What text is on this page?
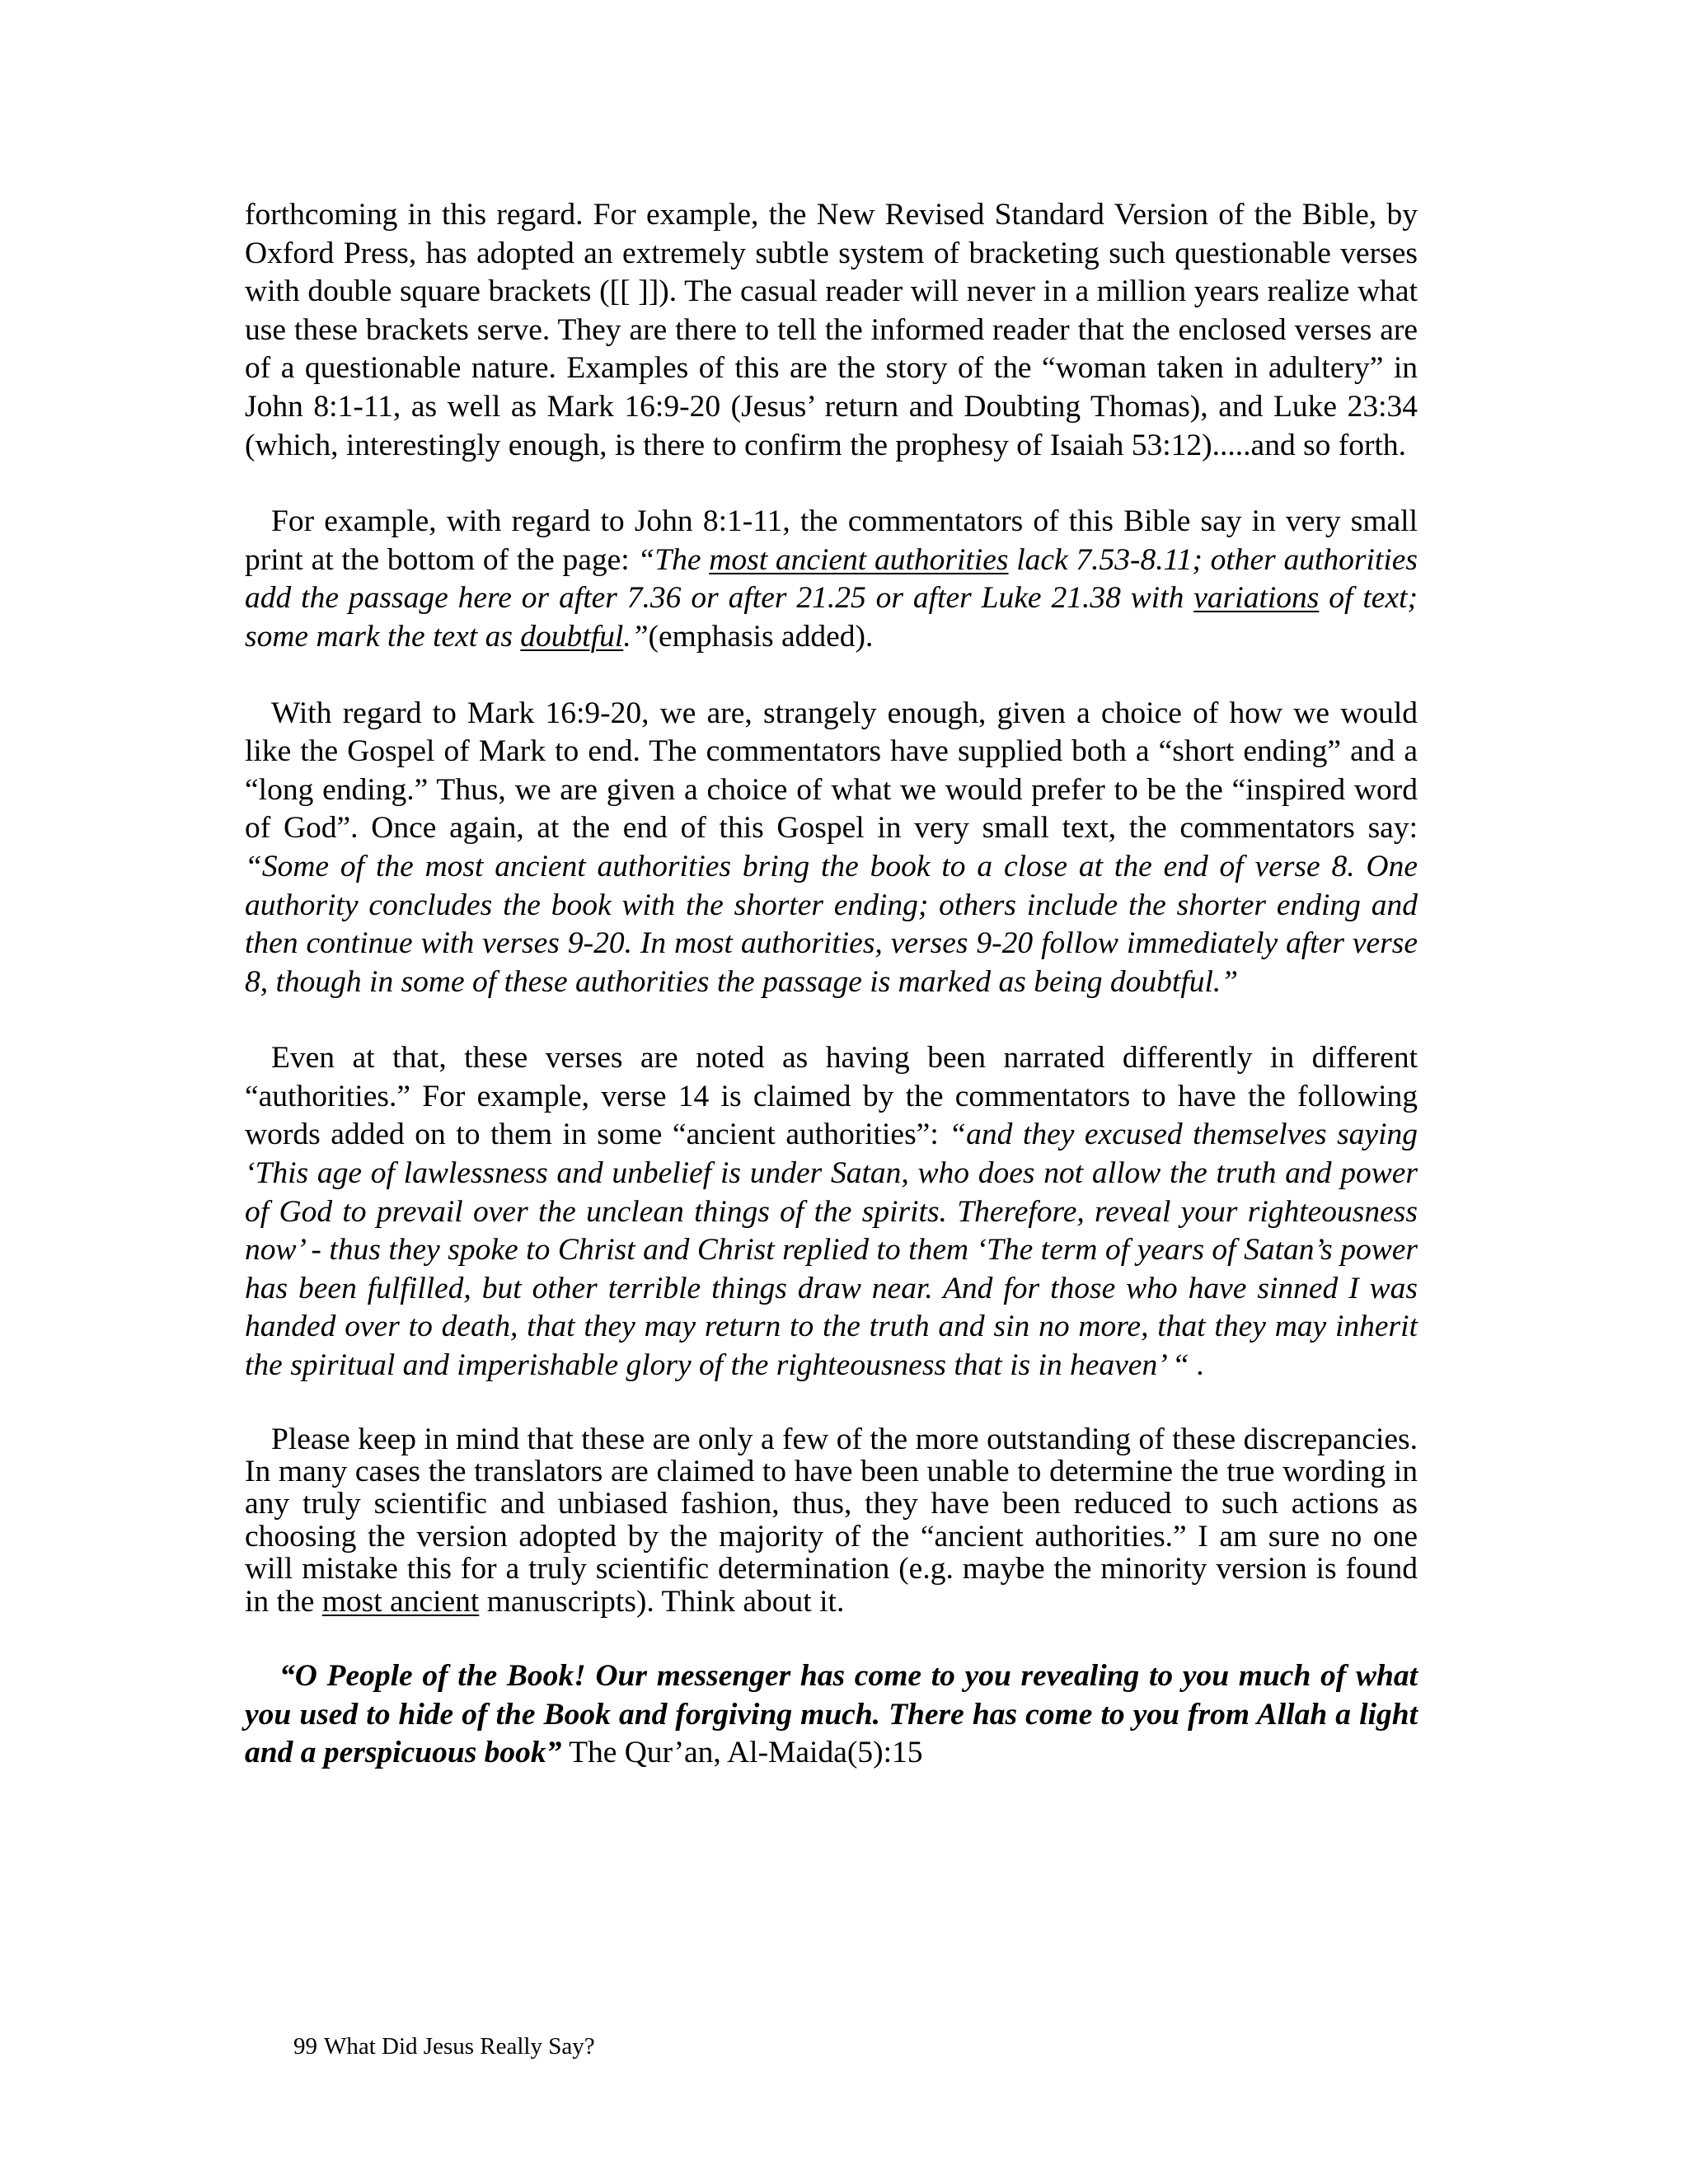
forthcoming in this regard. For example, the New Revised Standard Version of the Bible, by Oxford Press, has adopted an extremely subtle system of bracketing such questionable verses with double square brackets ([[ ]]). The casual reader will never in a million years realize what use these brackets serve. They are there to tell the informed reader that the enclosed verses are of a questionable nature. Examples of this are the story of the “woman taken in adultery” in John 8:1-11, as well as Mark 16:9-20 (Jesus’ return and Doubting Thomas), and Luke 23:34 (which, interestingly enough, is there to confirm the prophesy of Isaiah 53:12).....and so forth.

For example, with regard to John 8:1-11, the commentators of this Bible say in very small print at the bottom of the page: “The most ancient authorities lack 7.53-8.11; other authorities add the passage here or after 7.36 or after 21.25 or after Luke 21.38 with variations of text; some mark the text as doubtful.”(emphasis added).

With regard to Mark 16:9-20, we are, strangely enough, given a choice of how we would like the Gospel of Mark to end. The commentators have supplied both a “short ending” and a “long ending.” Thus, we are given a choice of what we would prefer to be the “inspired word of God”. Once again, at the end of this Gospel in very small text, the commentators say: “Some of the most ancient authorities bring the book to a close at the end of verse 8. One authority concludes the book with the shorter ending; others include the shorter ending and then continue with verses 9-20. In most authorities, verses 9-20 follow immediately after verse 8, though in some of these authorities the passage is marked as being doubtful.”

Even at that, these verses are noted as having been narrated differently in different “authorities.” For example, verse 14 is claimed by the commentators to have the following words added on to them in some “ancient authorities”: “and they excused themselves saying ‘This age of lawlessness and unbelief is under Satan, who does not allow the truth and power of God to prevail over the unclean things of the spirits. Therefore, reveal your righteousness now’ - thus they spoke to Christ and Christ replied to them ‘The term of years of Satan’s power has been fulfilled, but other terrible things draw near. And for those who have sinned I was handed over to death, that they may return to the truth and sin no more, that they may inherit the spiritual and imperishable glory of the righteousness that is in heaven’ “ .

Please keep in mind that these are only a few of the more outstanding of these discrepancies. In many cases the translators are claimed to have been unable to determine the true wording in any truly scientific and unbiased fashion, thus, they have been reduced to such actions as choosing the version adopted by the majority of the “ancient authorities.” I am sure no one will mistake this for a truly scientific determination (e.g. maybe the minority version is found in the most ancient manuscripts). Think about it.

“O People of the Book! Our messenger has come to you revealing to you much of what you used to hide of the Book and forgiving much. There has come to you from Allah a light and a perspicuous book” The Qur’an, Al-Maida(5):15

99 What Did Jesus Really Say?
